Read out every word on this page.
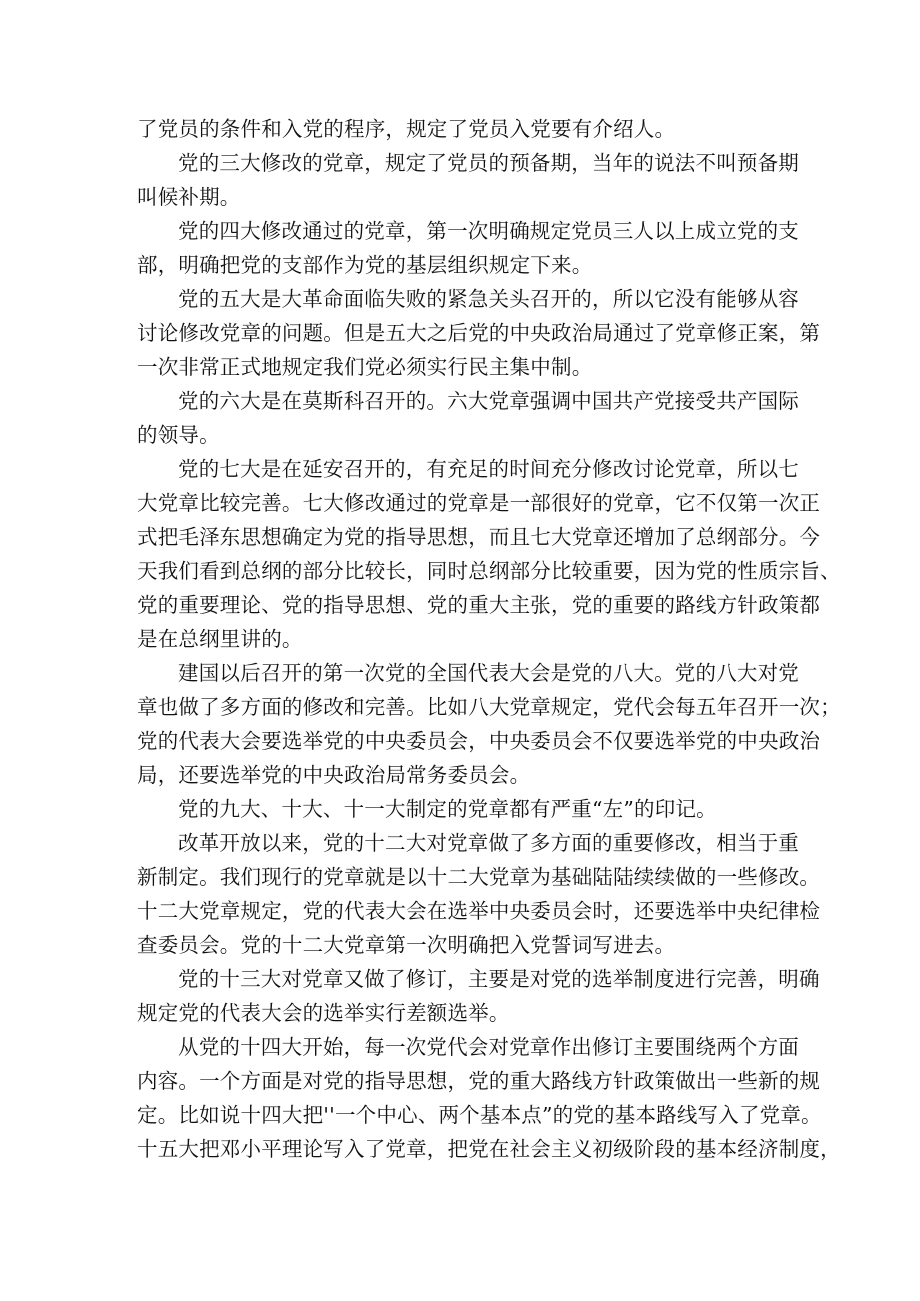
了党员的条件和入党的程序，规定了党员入党要有介绍人。

党的三大修改的党章，规定了党员的预备期，当年的说法不叫预备期
叫候补期。

党的四大修改通过的党章，第一次明确规定党员三人以上成立党的支
部，明确把党的支部作为党的基层组织规定下来。

党的五大是大革命面临失败的紧急关头召开的，所以它没有能够从容
讨论修改党章的问题。但是五大之后党的中央政治局通过了党章修正案，第
一次非常正式地规定我们党必须实行民主集中制。

党的六大是在莫斯科召开的。六大党章强调中国共产党接受共产国际
的领导。

党的七大是在延安召开的，有充足的时间充分修改讨论党章，所以七
大党章比较完善。七大修改通过的党章是一部很好的党章，它不仅第一次正
式把毛泽东思想确定为党的指导思想，而且七大党章还增加了总纲部分。今
天我们看到总纲的部分比较长，同时总纲部分比较重要，因为党的性质宗旨、
党的重要理论、党的指导思想、党的重大主张，党的重要的路线方针政策都
是在总纲里讲的。

建国以后召开的第一次党的全国代表大会是党的八大。党的八大对党
章也做了多方面的修改和完善。比如八大党章规定，党代会每五年召开一次；
党的代表大会要选举党的中央委员会，中央委员会不仅要选举党的中央政治
局，还要选举党的中央政治局常务委员会。

党的九大、十大、十一大制定的党章都有严重“左”的印记。

改革开放以来，党的十二大对党章做了多方面的重要修改，相当于重
新制定。我们现行的党章就是以十二大党章为基础陆陆续续做的一些修改。
十二大党章规定，党的代表大会在选举中央委员会时，还要选举中央纪律检
查委员会。党的十二大党章第一次明确把入党誓词写进去。

党的十三大对党章又做了修订，主要是对党的选举制度进行完善，明确
规定党的代表大会的选举实行差额选举。

从党的十四大开始，每一次党代会对党章作出修订主要围绕两个方面
内容。一个方面是对党的指导思想，党的重大路线方针政策做出一些新的规
定。比如说十四大把''一个中心、两个基本点”的党的基本路线写入了党章。
十五大把邓小平理论写入了党章，把党在社会主义初级阶段的基本经济制度，
